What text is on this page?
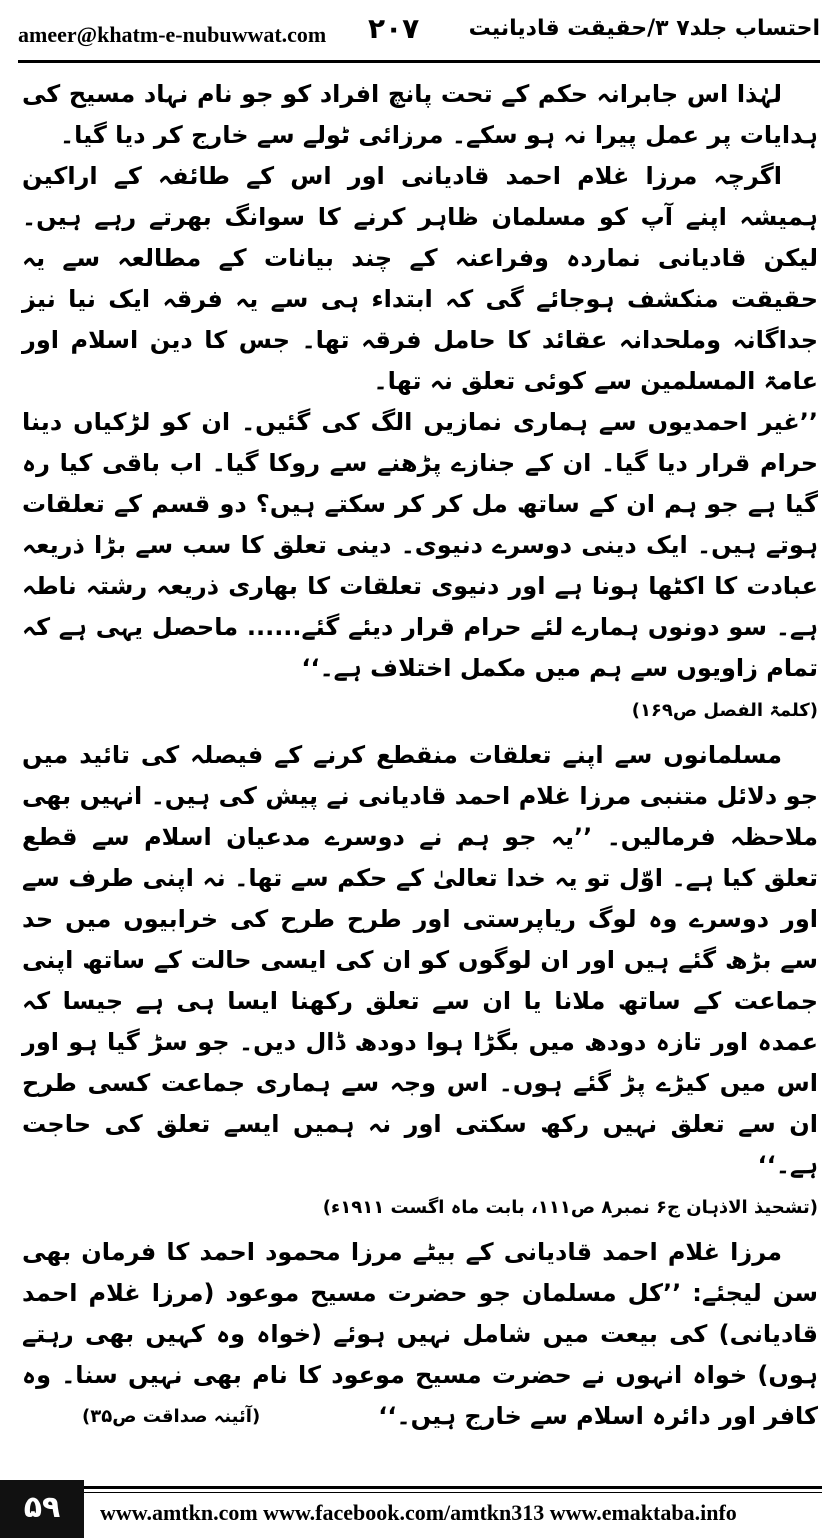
ameer@khatm-e-nubuwwat.com ۲۰۷ احتساب جلد۷ ۳/حقیقت قادیانیت

لہٰذا اس جابرانہ حکم کے تحت پانچ افراد کو جو نام نہاد مسیح کی ہدایات پر عمل پیرا نہ ہو سکے۔ مرزائی ٹولے سے خارج کر دیا گیا۔

اگرچہ مرزا غلام احمد قادیانی اور اس کے طائفہ کے اراکین ہمیشہ اپنے آپ کو مسلمان ظاہر کرنے کا سوانگ بھرتے رہے ہیں۔ لیکن قادیانی نماردہ وفراعنہ کے چند بیانات کے مطالعہ سے یہ حقیقت منکشف ہوجائے گی کہ ابتداء ہی سے یہ فرقہ ایک نیا نیز جداگانہ وملحدانہ عقائد کا حامل فرقہ تھا۔ جس کا دین اسلام اور عامۃ المسلمین سے کوئی تعلق نہ تھا۔

’’غیر احمدیوں سے ہماری نمازیں الگ کی گئیں۔ ان کو لڑکیاں دینا حرام قرار دیا گیا۔ ان کے جنازے پڑھنے سے روکا گیا۔ اب باقی کیا رہ گیا ہے جو ہم ان کے ساتھ مل کر کر سکتے ہیں؟ دو قسم کے تعلقات ہوتے ہیں۔ ایک دینی دوسرے دنیوی۔ دینی تعلق کا سب سے بڑا ذریعہ عبادت کا اکٹھا ہونا ہے اور دنیوی تعلقات کا بھاری ذریعہ رشتہ ناطہ ہے۔ سو دونوں ہمارے لئے حرام قرار دیئے گئے...... ماحصل یہی ہے کہ تمام زاویوں سے ہم میں مکمل اختلاف ہے۔‘‘

(کلمۃ الفصل ص۱۶۹)

مسلمانوں سے اپنے تعلقات منقطع کرنے کے فیصلہ کی تائید میں جو دلائل متنبی مرزا غلام احمد قادیانی نے پیش کی ہیں۔ انہیں بھی ملاحظہ فرمالیں۔ ’’یہ جو ہم نے دوسرے مدعیان اسلام سے قطع تعلق کیا ہے۔ اوّل تو یہ خدا تعالیٰ کے حکم سے تھا۔ نہ اپنی طرف سے اور دوسرے وہ لوگ ریاپرستی اور طرح طرح کی خرابیوں میں حد سے بڑھ گئے ہیں اور ان لوگوں کو ان کی ایسی حالت کے ساتھ اپنی جماعت کے ساتھ ملانا یا ان سے تعلق رکھنا ایسا ہی ہے جیسا کہ عمدہ اور تازہ دودھ میں بگڑا ہوا دودھ ڈال دیں۔ جو سڑ گیا ہو اور اس میں کیڑے پڑ گئے ہوں۔ اس وجہ سے ہماری جماعت کسی طرح ان سے تعلق نہیں رکھ سکتی اور نہ ہمیں ایسے تعلق کی حاجت ہے۔‘‘

(تشحیذ الاذہان ج۶ نمبر۸ ص۱۱۱، بابت ماہ اگست ۱۹۱۱ء)

مرزا غلام احمد قادیانی کے بیٹے مرزا محمود احمد کا فرمان بھی سن لیجئے: ’’کل مسلمان جو حضرت مسیح موعود (مرزا غلام احمد قادیانی) کی بیعت میں شامل نہیں ہوئے (خواہ وہ کہیں بھی رہتے ہوں) خواہ انہوں نے حضرت مسیح موعود کا نام بھی نہیں سنا۔ وہ کافر اور دائرہ اسلام سے خارج ہیں۔‘‘

(آئینہ صداقت ص۳۵)

۵۹	www.amtkn.com www.facebook.com/amtkn313 www.emaktaba.info
